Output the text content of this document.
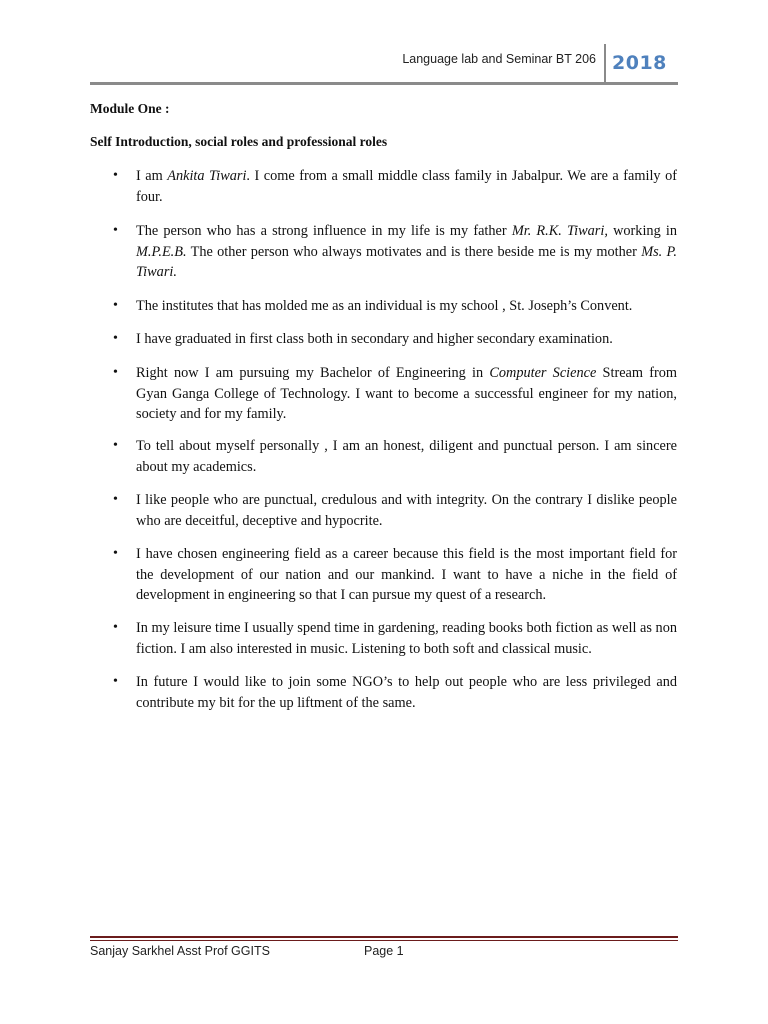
Language lab and Seminar BT 206 2018
Module One :
Self Introduction, social roles and professional roles
• I am Ankita Tiwari. I come from a small middle class family in Jabalpur. We are a family of four.
• The person who has a strong influence in my life is my father Mr. R.K. Tiwari, working in M.P.E.B. The other person who always motivates and is there beside me is my mother Ms. P. Tiwari.
• The institutes that has molded me as an individual is my school , St. Joseph’s Convent.
• I have graduated in first class both in secondary and higher secondary examination.
• Right now I am pursuing my Bachelor of Engineering in Computer Science Stream from Gyan Ganga College of Technology. I want to become a successful engineer for my nation, society and for my family.
• To tell about myself personally , I am an honest, diligent and punctual person. I am sincere about my academics.
• I like people who are punctual, credulous and with integrity. On the contrary I dislike people who are deceitful, deceptive and hypocrite.
• I have chosen engineering field as a career because this field is the most important field for the development of our nation and our mankind. I want to have a niche in the field of development in engineering so that I can pursue my quest of a research.
• In my leisure time I usually spend time in gardening, reading books both fiction as well as non fiction. I am also interested in music. Listening to both soft and classical music.
• In future I would like to join some NGO’s to help out people who are less privileged and contribute my bit for the up liftment of the same.
Sanjay Sarkhel Asst Prof GGITS	Page 1
